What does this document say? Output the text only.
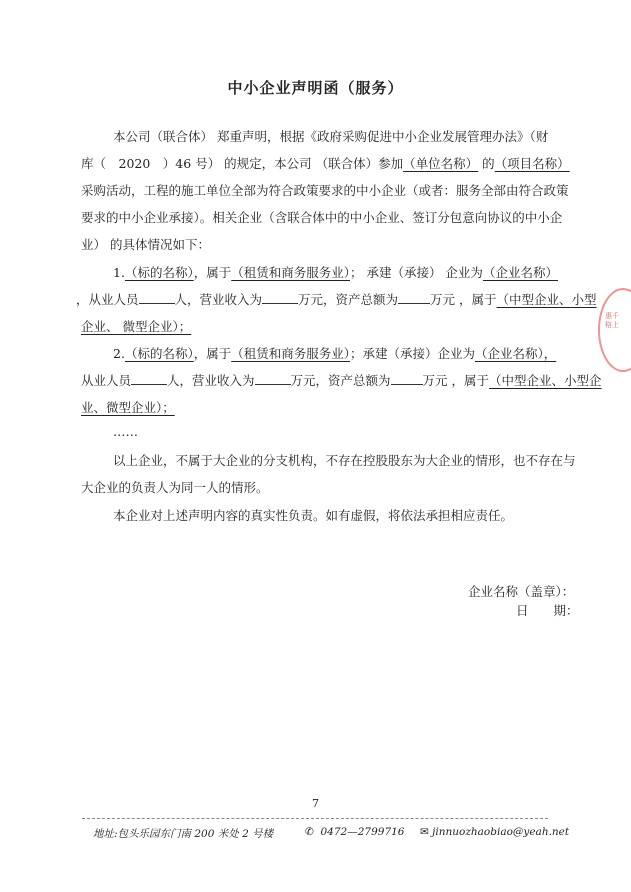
中小企业声明函（服务）
本公司（联合体） 郑重声明，根据《政府采购促进中小企业发展管理办法》（财
库（　2020　）46 号） 的规定，本公司 （联合体）参加（单位名称） 的（项目名称）
采购活动，工程的施工单位全部为符合政策要求的中小企业（或者：服务全部由符合政策
要求的中小企业承接）。相关企业（含联合体中的中小企业、签订分包意向协议的中小企
业） 的具体情况如下：
1.（标的名称），属于（租赁和商务服务业）； 承建（承接） 企业为（企业名称）
，从业人员	人，营业收入为	万元，资产总额为	万元 ，属于（中型企业、小型
企业、 微型企业）；
2.（标的名称），属于（租赁和商务服务业）；承建（承接）企业为（企业名称），
从业人员	人，营业收入为	万元，资产总额为	万元 ，属于（中型企业、小型企
业、微型企业）；
……
以上企业，不属于大企业的分支机构，不存在控股股东为大企业的情形，也不存在与
大企业的负责人为同一人的情形。
本企业对上述声明内容的真实性负责。如有虚假，将依法承担相应责任。
企业名称（盖章）：
日　　期：
惠千格上
7
地址:包头乐园东门南 200 米处 2 号楼	✆ 0472—2799716 ✉ jinnuozhaobiao@yeah.net
